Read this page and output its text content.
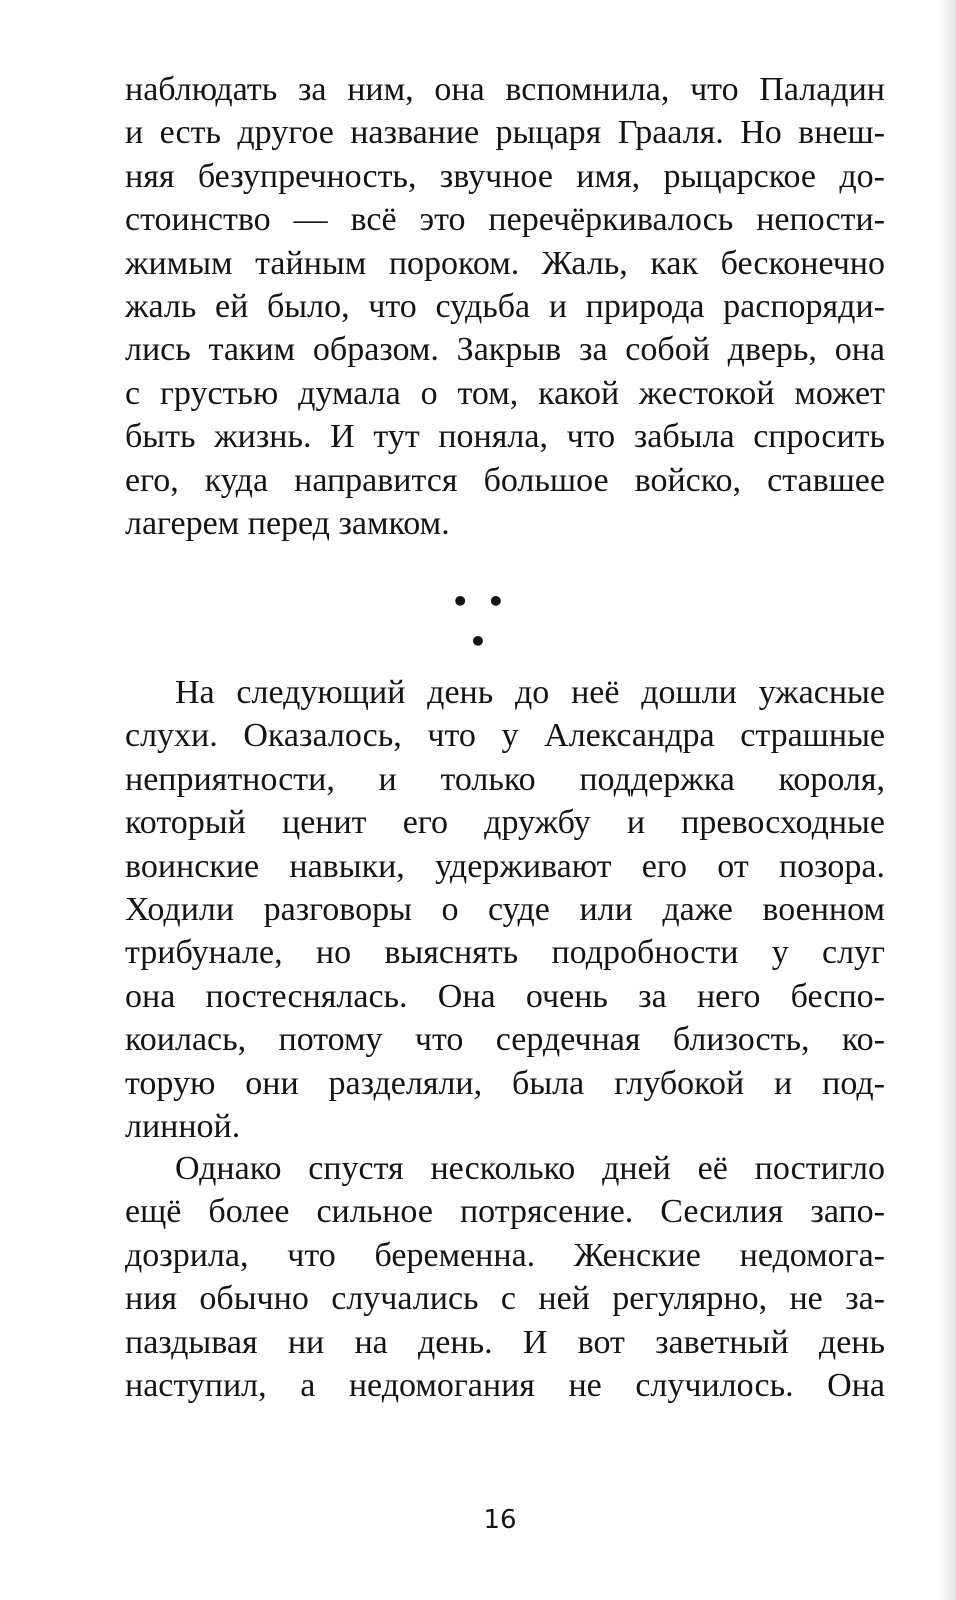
наблюдать за ним, она вспомнила, что Паладин
и есть другое название рыцаря Грааля. Но внеш-
няя безупречность, звучное имя, рыцарское до-
стоинство — всё это перечёркивалось непости-
жимым тайным пороком. Жаль, как бесконечно
жаль ей было, что судьба и природа распоряди-
лись таким образом. Закрыв за собой дверь, она
с грустью думала о том, какой жестокой может
быть жизнь. И тут поняла, что забыла спросить
его, куда направится большое войско, ставшее
лагерем перед замком.
• • •
На следующий день до неё дошли ужасные
слухи. Оказалось, что у Александра страшные
неприятности, и только поддержка короля,
который ценит его дружбу и превосходные
воинские навыки, удерживают его от позора.
Ходили разговоры о суде или даже военном
трибунале, но выяснять подробности у слуг
она постеснялась. Она очень за него беспо-
коилась, потому что сердечная близость, ко-
торую они разделяли, была глубокой и под-
линной.
Однако спустя несколько дней её постигло
ещё более сильное потрясение. Сесилия запо-
дозрила, что беременна. Женские недомога-
ния обычно случались с ней регулярно, не за-
паздывая ни на день. И вот заветный день
наступил, а недомогания не случилось. Она
16
